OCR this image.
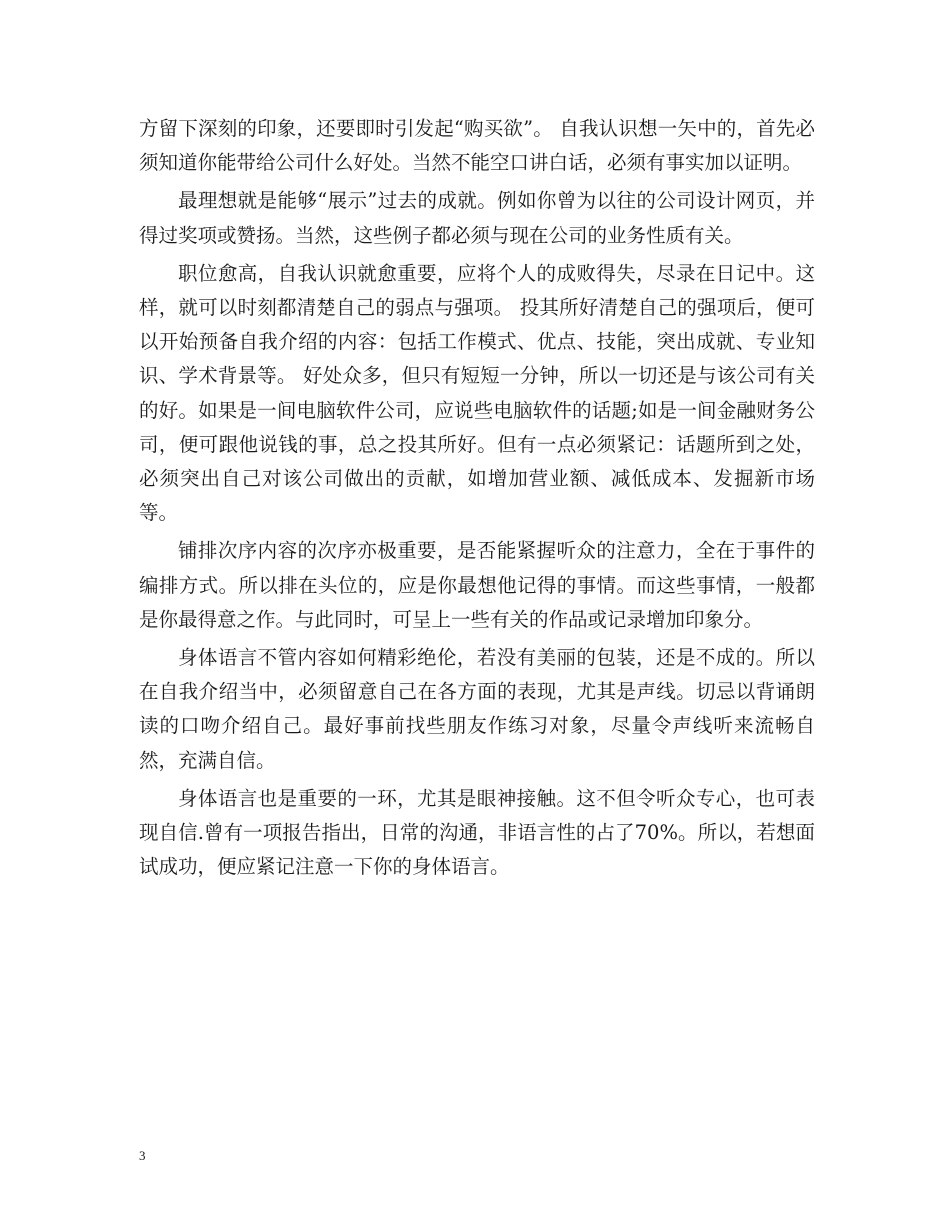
方留下深刻的印象，还要即时引发起“购买欲”。 自我认识想一矢中的，首先必须知道你能带给公司什么好处。当然不能空口讲白话，必须有事实加以证明。

最理想就是能够“展示”过去的成就。例如你曾为以往的公司设计网页，并得过奖项或赞扬。当然，这些例子都必须与现在公司的业务性质有关。

职位愈高，自我认识就愈重要，应将个人的成败得失，尽录在日记中。这样，就可以时刻都清楚自己的弱点与强项。 投其所好清楚自己的强项后，便可以开始预备自我介绍的内容：包括工作模式、优点、技能，突出成就、专业知识、学术背景等。 好处众多，但只有短短一分钟，所以一切还是与该公司有关的好。如果是一间电脑软件公司，应说些电脑软件的话题;如是一间金融财务公司，便可跟他说钱的事，总之投其所好。但有一点必须紧记：话题所到之处，必须突出自己对该公司做出的贡献，如增加营业额、减低成本、发掘新市场等。

铺排次序内容的次序亦极重要，是否能紧握听众的注意力，全在于事件的编排方式。所以排在头位的，应是你最想他记得的事情。而这些事情，一般都是你最得意之作。与此同时，可呈上一些有关的作品或记录增加印象分。

身体语言不管内容如何精彩绝伦，若没有美丽的包装，还是不成的。所以在自我介绍当中，必须留意自己在各方面的表现，尤其是声线。切忌以背诵朗读的口吻介绍自己。最好事前找些朋友作练习对象，尽量令声线听来流畅自然，充满自信。

身体语言也是重要的一环，尤其是眼神接触。这不但令听众专心，也可表现自信.曾有一项报告指出，日常的沟通，非语言性的占了70%。所以，若想面试成功，便应紧记注意一下你的身体语言。

3
